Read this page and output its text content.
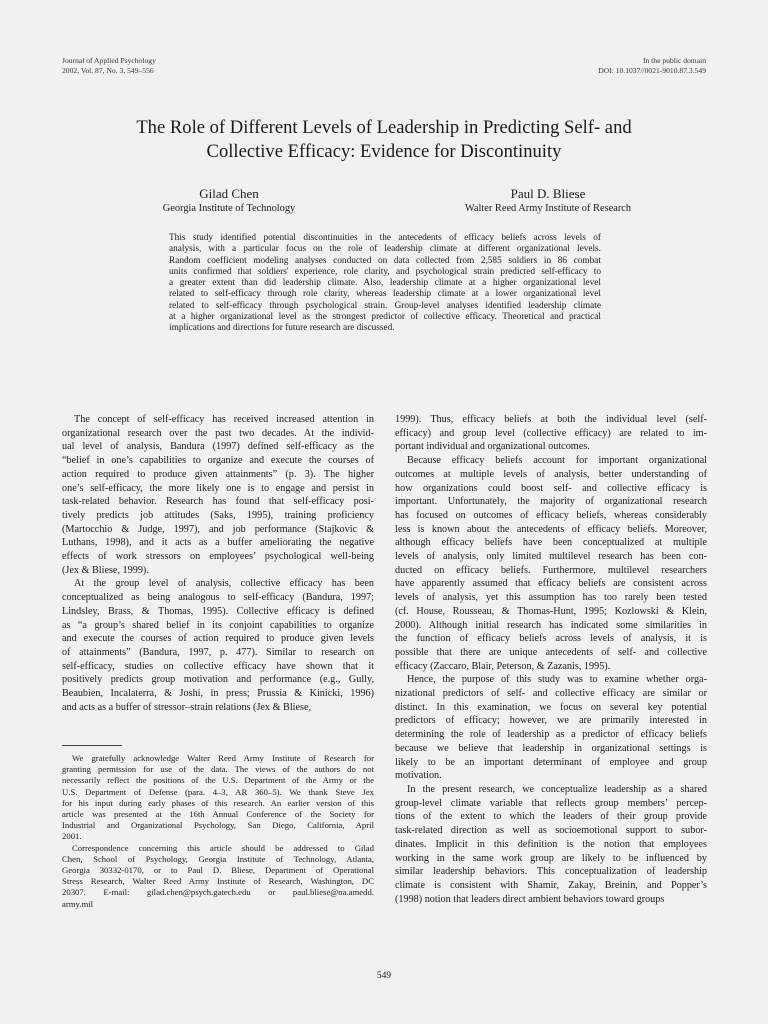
Journal of Applied Psychology
2002, Vol. 87, No. 3, 549–556
In the public domain
DOI: 10.1037//0021-9010.87.3.549
The Role of Different Levels of Leadership in Predicting Self- and
Collective Efficacy: Evidence for Discontinuity
Gilad Chen
Georgia Institute of Technology
Paul D. Bliese
Walter Reed Army Institute of Research
This study identified potential discontinuities in the antecedents of efficacy beliefs across levels of
analysis, with a particular focus on the role of leadership climate at different organizational levels.
Random coefficient modeling analyses conducted on data collected from 2,585 soldiers in 86 combat
units confirmed that soldiers' experience, role clarity, and psychological strain predicted self-efficacy to
a greater extent than did leadership climate. Also, leadership climate at a higher organizational level
related to self-efficacy through role clarity, whereas leadership climate at a lower organizational level
related to self-efficacy through psychological strain. Group-level analyses identified leadership climate
at a higher organizational level as the strongest predictor of collective efficacy. Theoretical and practical
implications and directions for future research are discussed.
The concept of self-efficacy has received increased attention in
organizational research over the past two decades. At the individ-
ual level of analysis, Bandura (1997) defined self-efficacy as the
“belief in one’s capabilities to organize and execute the courses of
action required to produce given attainments” (p. 3). The higher
one’s self-efficacy, the more likely one is to engage and persist in
task-related behavior. Research has found that self-efficacy posi-
tively predicts job attitudes (Saks, 1995), training proficiency
(Martocchio & Judge, 1997), and job performance (Stajkovic &
Luthans, 1998), and it acts as a buffer ameliorating the negative
effects of work stressors on employees’ psychological well-being
(Jex & Bliese, 1999).
At the group level of analysis, collective efficacy has been
conceptualized as being analogous to self-efficacy (Bandura, 1997;
Lindsley, Brass, & Thomas, 1995). Collective efficacy is defined
as “a group’s shared belief in its conjoint capabilities to organize
and execute the courses of action required to produce given levels
of attainments” (Bandura, 1997, p. 477). Similar to research on
self-efficacy, studies on collective efficacy have shown that it
positively predicts group motivation and performance (e.g., Gully,
Beaubien, Incalaterra, & Joshi, in press; Prussia & Kinicki, 1996)
and acts as a buffer of stressor–strain relations (Jex & Bliese,
We gratefully acknowledge Walter Reed Army Institute of Research for
granting permission for use of the data. The views of the authors do not
necessarily reflect the positions of the U.S. Department of the Army or the
U.S. Department of Defense (para. 4–3, AR 360–5). We thank Steve Jex
for his input during early phases of this research. An earlier version of this
article was presented at the 16th Annual Conference of the Society for
Industrial and Organizational Psychology, San Diego, California, April
2001.
Correspondence concerning this article should be addressed to Gilad
Chen, School of Psychology, Georgia Institute of Technology, Atlanta,
Georgia 30332-0170, or to Paul D. Bliese, Department of Operational
Stress Research, Walter Reed Army Institute of Research, Washington, DC
20307. E-mail: gilad.chen@psych.gatech.edu or paul.bliese@na.amedd.
army.mil
1999). Thus, efficacy beliefs at both the individual level (self-
efficacy) and group level (collective efficacy) are related to im-
portant individual and organizational outcomes.
Because efficacy beliefs account for important organizational
outcomes at multiple levels of analysis, better understanding of
how organizations could boost self- and collective efficacy is
important. Unfortunately, the majority of organizational research
has focused on outcomes of efficacy beliefs, whereas considerably
less is known about the antecedents of efficacy beliefs. Moreover,
although efficacy beliefs have been conceptualized at multiple
levels of analysis, only limited multilevel research has been con-
ducted on efficacy beliefs. Furthermore, multilevel researchers
have apparently assumed that efficacy beliefs are consistent across
levels of analysis, yet this assumption has too rarely been tested
(cf. House, Rousseau, & Thomas-Hunt, 1995; Kozlowski & Klein,
2000). Although initial research has indicated some similarities in
the function of efficacy beliefs across levels of analysis, it is
possible that there are unique antecedents of self- and collective
efficacy (Zaccaro, Blair, Peterson, & Zazanis, 1995).
Hence, the purpose of this study was to examine whether orga-
nizational predictors of self- and collective efficacy are similar or
distinct. In this examination, we focus on several key potential
predictors of efficacy; however, we are primarily interested in
determining the role of leadership as a predictor of efficacy beliefs
because we believe that leadership in organizational settings is
likely to be an important determinant of employee and group
motivation.
In the present research, we conceptualize leadership as a shared
group-level climate variable that reflects group members’ percep-
tions of the extent to which the leaders of their group provide
task-related direction as well as socioemotional support to subor-
dinates. Implicit in this definition is the notion that employees
working in the same work group are likely to be influenced by
similar leadership behaviors. This conceptualization of leadership
climate is consistent with Shamir, Zakay, Breinin, and Popper’s
(1998) notion that leaders direct ambient behaviors toward groups
549
